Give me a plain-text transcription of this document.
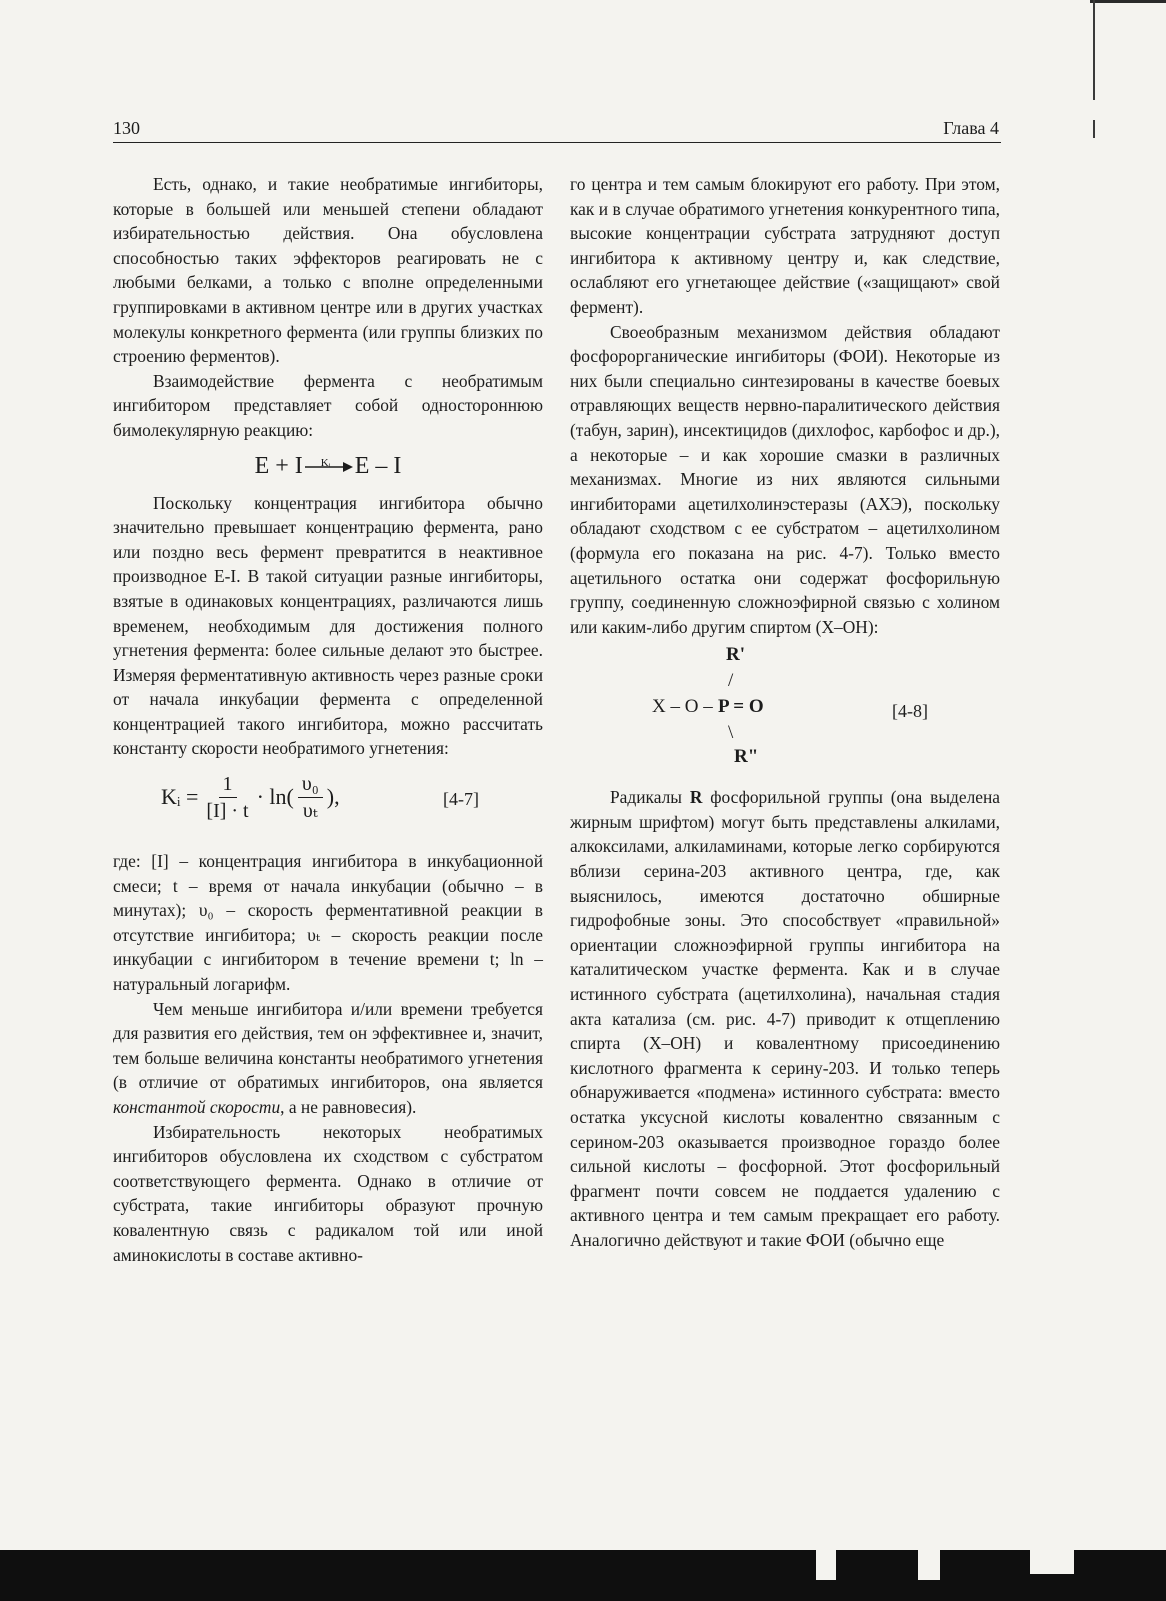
130	Глава 4

Есть, однако, и такие необратимые ингибиторы, которые в большей или меньшей степени обладают избирательностью действия. Она обусловлена способностью таких эффекторов реагировать не с любыми белками, а только с вполне определенными группировками в активном центре или в других участках молекулы конкретного фермента (или группы близких по строению ферментов).

Взаимодействие фермента с необратимым ингибитором представляет собой одностороннюю бимолекулярную реакцию:

E + I Kᵢ E – I

Поскольку концентрация ингибитора обычно значительно превышает концентрацию фермента, рано или поздно весь фермент превратится в неактивное производное E-I. В такой ситуации разные ингибиторы, взятые в одинаковых концентрациях, различаются лишь временем, необходимым для достижения полного угнетения фермента: более сильные делают это быстрее. Измеряя ферментативную активность через разные сроки от начала инкубации фермента с определенной концентрацией такого ингибитора, можно рассчитать константу скорости необратимого угнетения:

Kᵢ = $\frac{1}{[I] \cdot t} \cdot \ln( \frac{\text{υ₀}}{\text{υₜ}}$ ),	[4-7]

где: [I] – концентрация ингибитора в инкубационной смеси; t – время от начала инкубации (обычно – в минутах); υ₀ – скорость ферментативной реакции в отсутствие ингибитора; υₜ – скорость реакции после инкубации с ингибитором в течение времени t; ln – натуральный логарифм.

Чем меньше ингибитора и/или времени требуется для развития его действия, тем он эффективнее и, значит, тем больше величина константы необратимого угнетения (в отличие от обратимых ингибиторов, она является константой скорости, а не равновесия).

Избирательность некоторых необратимых ингибиторов обусловлена их сходством с субстратом соответствующего фермента. Однако в отличие от субстрата, такие ингибиторы образуют прочную ковалентную связь с радикалом той или иной аминокислоты в составе активно-

го центра и тем самым блокируют его работу. При этом, как и в случае обратимого угнетения конкурентного типа, высокие концентрации субстрата затрудняют доступ ингибитора к активному центру и, как следствие, ослабляют его угнетающее действие («защищают» свой фермент).

Своеобразным механизмом действия обладают фосфорорганические ингибиторы (ФОИ). Некоторые из них были специально синтезированы в качестве боевых отравляющих веществ нервно-паралитического действия (табун, зарин), инсектицидов (дихлофос, карбофос и др.), а некоторые – и как хорошие смазки в различных механизмах. Многие из них являются сильными ингибиторами ацетилхолинэстеразы (АХЭ), поскольку обладают сходством с ее субстратом – ацетилхолином (формула его показана на рис. 4-7). Только вместо ацетильного остатка они содержат фосфорильную группу, соединенную сложноэфирной связью с холином или каким-либо другим спиртом (X–OH):

R'
/
X – O – P = O
\
R"
[4-8]

Радикалы R фосфорильной группы (она выделена жирным шрифтом) могут быть представлены алкилами, алкоксилами, алкиламинами, которые легко сорбируются вблизи серина-203 активного центра, где, как выяснилось, имеются достаточно обширные гидрофобные зоны. Это способствует «правильной» ориентации сложноэфирной группы ингибитора на каталитическом участке фермента. Как и в случае истинного субстрата (ацетилхолина), начальная стадия акта катализа (см. рис. 4-7) приводит к отщеплению спирта (X–OH) и ковалентному присоединению кислотного фрагмента к серину-203. И только теперь обнаруживается «подмена» истинного субстрата: вместо остатка уксусной кислоты ковалентно связанным с серином-203 оказывается производное гораздо более сильной кислоты – фосфорной. Этот фосфорильный фрагмент почти совсем не поддается удалению с активного центра и тем самым прекращает его работу. Аналогично действуют и такие ФОИ (обычно еще
